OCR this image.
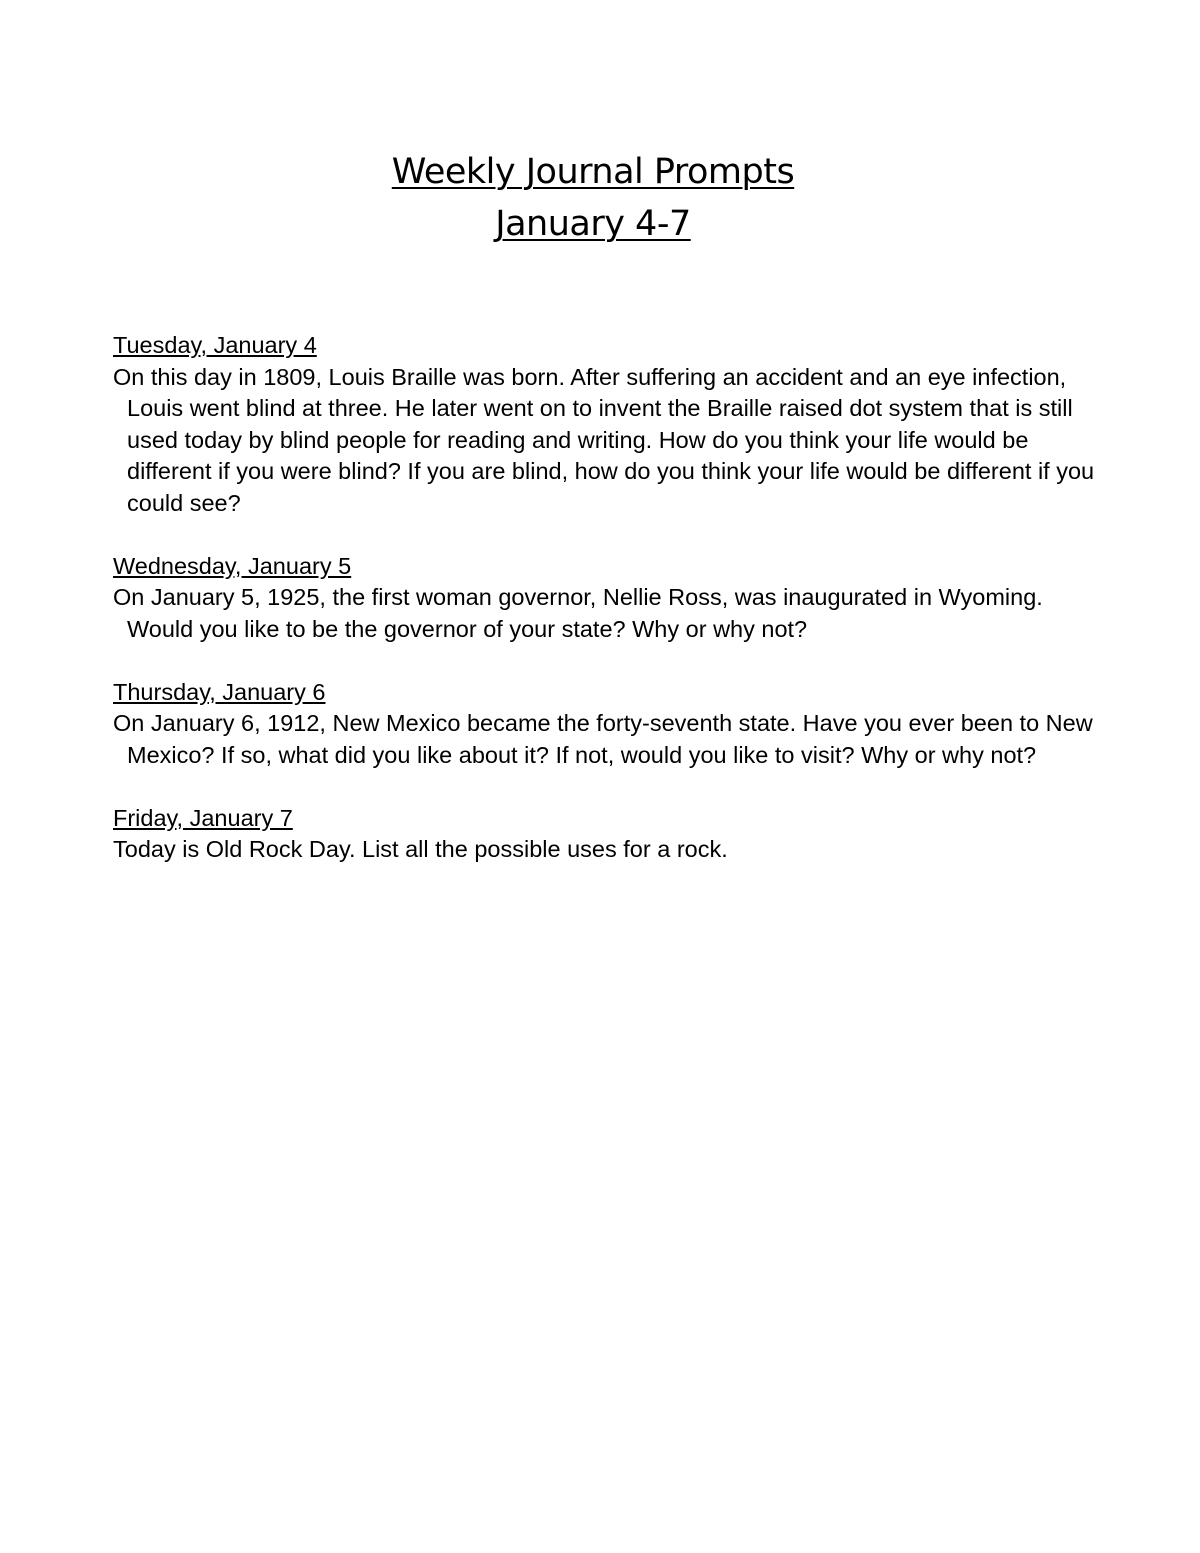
Weekly Journal Prompts
January 4-7
Tuesday, January 4
On this day in 1809, Louis Braille was born. After suffering an accident and an eye infection, Louis went blind at three. He later went on to invent the Braille raised dot system that is still used today by blind people for reading and writing. How do you think your life would be different if you were blind? If you are blind, how do you think your life would be different if you could see?
Wednesday, January 5
On January 5, 1925, the first woman governor, Nellie Ross, was inaugurated in Wyoming. Would you like to be the governor of your state? Why or why not?
Thursday, January 6
On January 6, 1912, New Mexico became the forty-seventh state. Have you ever been to New Mexico? If so, what did you like about it? If not, would you like to visit? Why or why not?
Friday, January 7
Today is Old Rock Day. List all the possible uses for a rock.
